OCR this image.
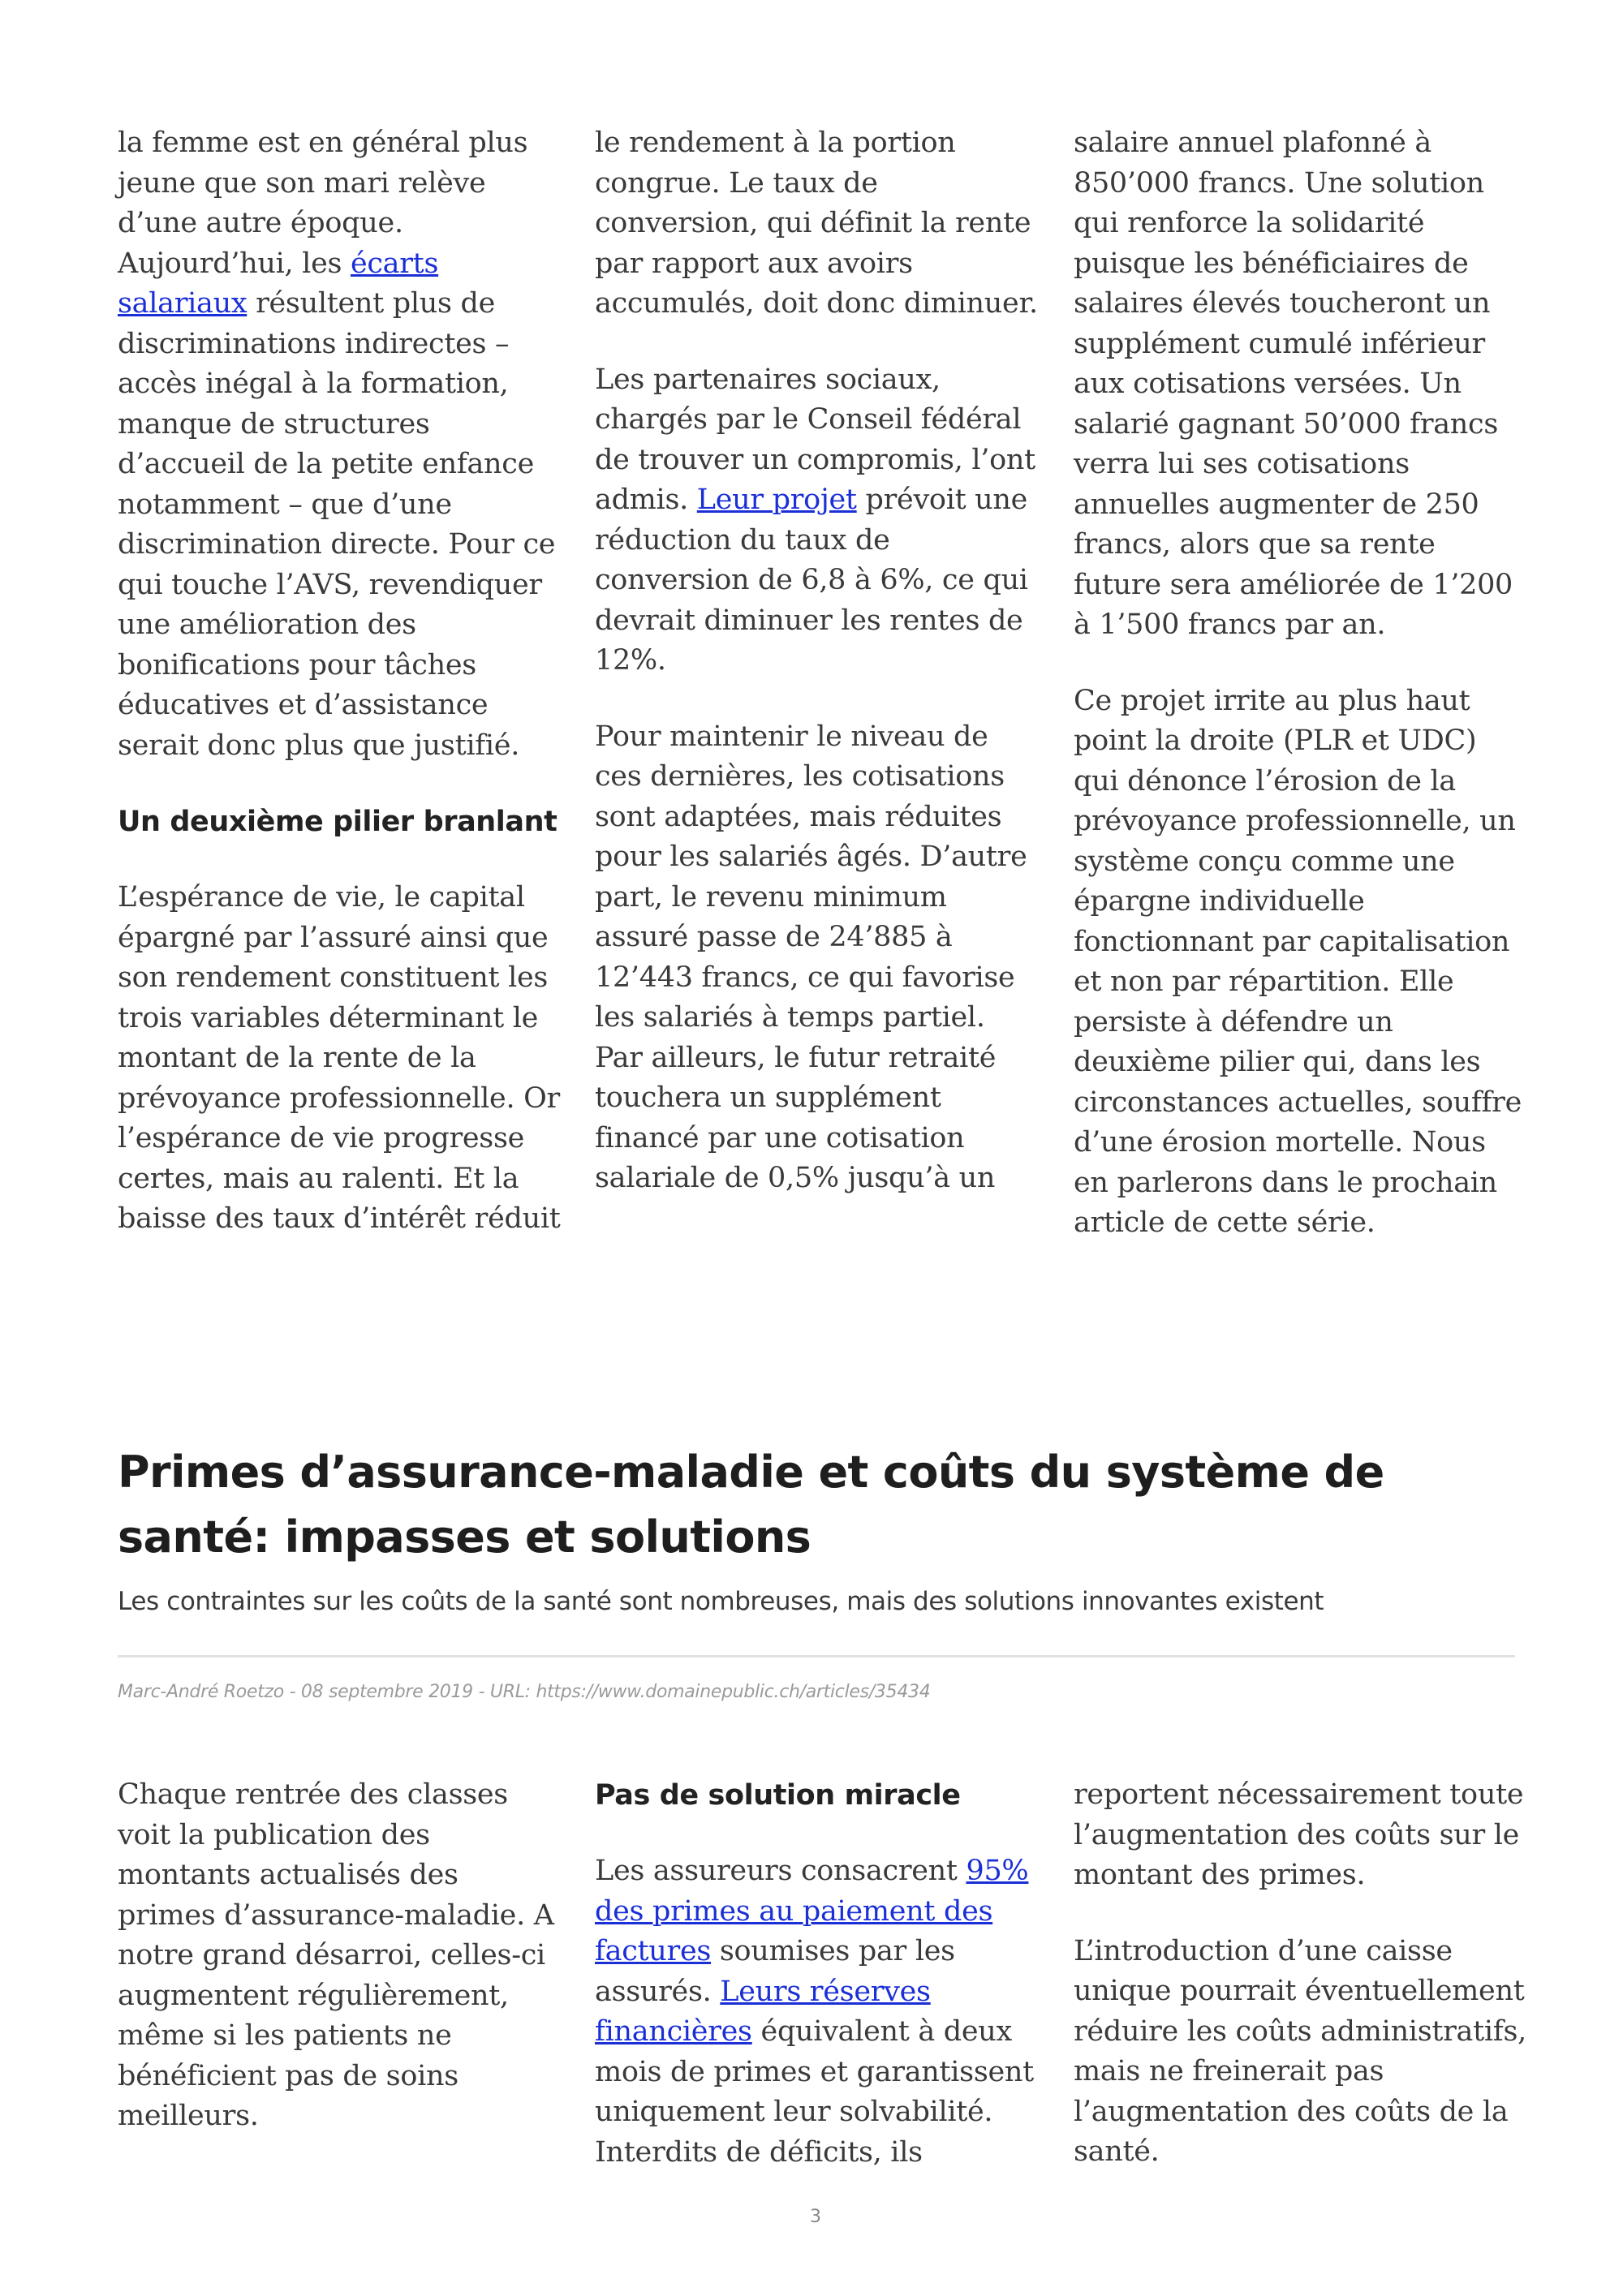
la femme est en général plus jeune que son mari relève d’une autre époque. Aujourd’hui, les écarts salariaux résultent plus de discriminations indirectes – accès inégal à la formation, manque de structures d’accueil de la petite enfance notamment – que d’une discrimination directe. Pour ce qui touche l’AVS, revendiquer une amélioration des bonifications pour tâches éducatives et d’assistance serait donc plus que justifié.

Un deuxième pilier branlant

L’espérance de vie, le capital épargné par l’assuré ainsi que son rendement constituent les trois variables déterminant le montant de la rente de la prévoyance professionnelle. Or l’espérance de vie progresse certes, mais au ralenti. Et la baisse des taux d’intérêt réduit

le rendement à la portion congrue. Le taux de conversion, qui définit la rente par rapport aux avoirs accumulés, doit donc diminuer.

Les partenaires sociaux, chargés par le Conseil fédéral de trouver un compromis, l’ont admis. Leur projet prévoit une réduction du taux de conversion de 6,8 à 6%, ce qui devrait diminuer les rentes de 12%.

Pour maintenir le niveau de ces dernières, les cotisations sont adaptées, mais réduites pour les salariés âgés. D’autre part, le revenu minimum assuré passe de 24’885 à 12’443 francs, ce qui favorise les salariés à temps partiel. Par ailleurs, le futur retraité touchera un supplément financé par une cotisation salariale de 0,5% jusqu’à un

salaire annuel plafonné à 850’000 francs. Une solution qui renforce la solidarité puisque les bénéficiaires de salaires élevés toucheront un supplément cumulé inférieur aux cotisations versées. Un salarié gagnant 50’000 francs verra lui ses cotisations annuelles augmenter de 250 francs, alors que sa rente future sera améliorée de 1’200 à 1’500 francs par an.

Ce projet irrite au plus haut point la droite (PLR et UDC) qui dénonce l’érosion de la prévoyance professionnelle, un système conçu comme une épargne individuelle fonctionnant par capitalisation et non par répartition. Elle persiste à défendre un deuxième pilier qui, dans les circonstances actuelles, souffre d’une érosion mortelle. Nous en parlerons dans le prochain article de cette série.

Primes d’assurance-maladie et coûts du système de santé: impasses et solutions
Les contraintes sur les coûts de la santé sont nombreuses, mais des solutions innovantes existent
Marc-André Roetzo - 08 septembre 2019 - URL: https://www.domainepublic.ch/articles/35434

Chaque rentrée des classes voit la publication des montants actualisés des primes d’assurance-maladie. A notre grand désarroi, celles-ci augmentent régulièrement, même si les patients ne bénéficient pas de soins meilleurs.

Pas de solution miracle

Les assureurs consacrent 95% des primes au paiement des factures soumises par les assurés. Leurs réserves financières équivalent à deux mois de primes et garantissent uniquement leur solvabilité. Interdits de déficits, ils

reportent nécessairement toute l’augmentation des coûts sur le montant des primes.

L’introduction d’une caisse unique pourrait éventuellement réduire les coûts administratifs, mais ne freinerait pas l’augmentation des coûts de la santé.

3
